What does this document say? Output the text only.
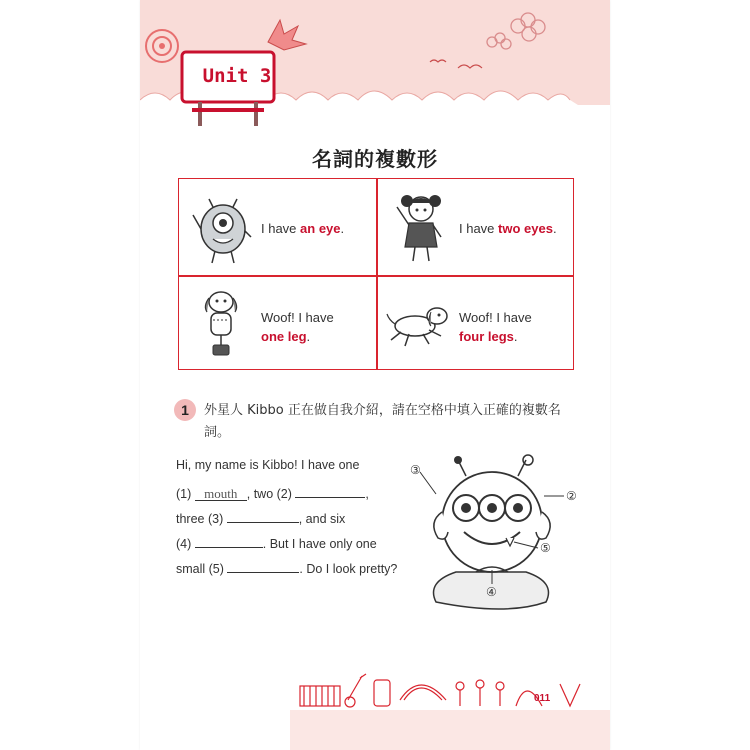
Unit 3
名詞的複數形
I have an eye.	I have two eyes.
Woof! I have
one leg.
Woof! I have
four legs.
1	外星人 Kibbo 正在做自我介紹，請在空格中填入正確的複數名詞。
Hi, my name is Kibbo! I have one
(1) mouth , two (2)	,
three (3)	, and six
(4)	. But I have only one
small (5)	. Do I look pretty?
③
②
⑤
④
011
